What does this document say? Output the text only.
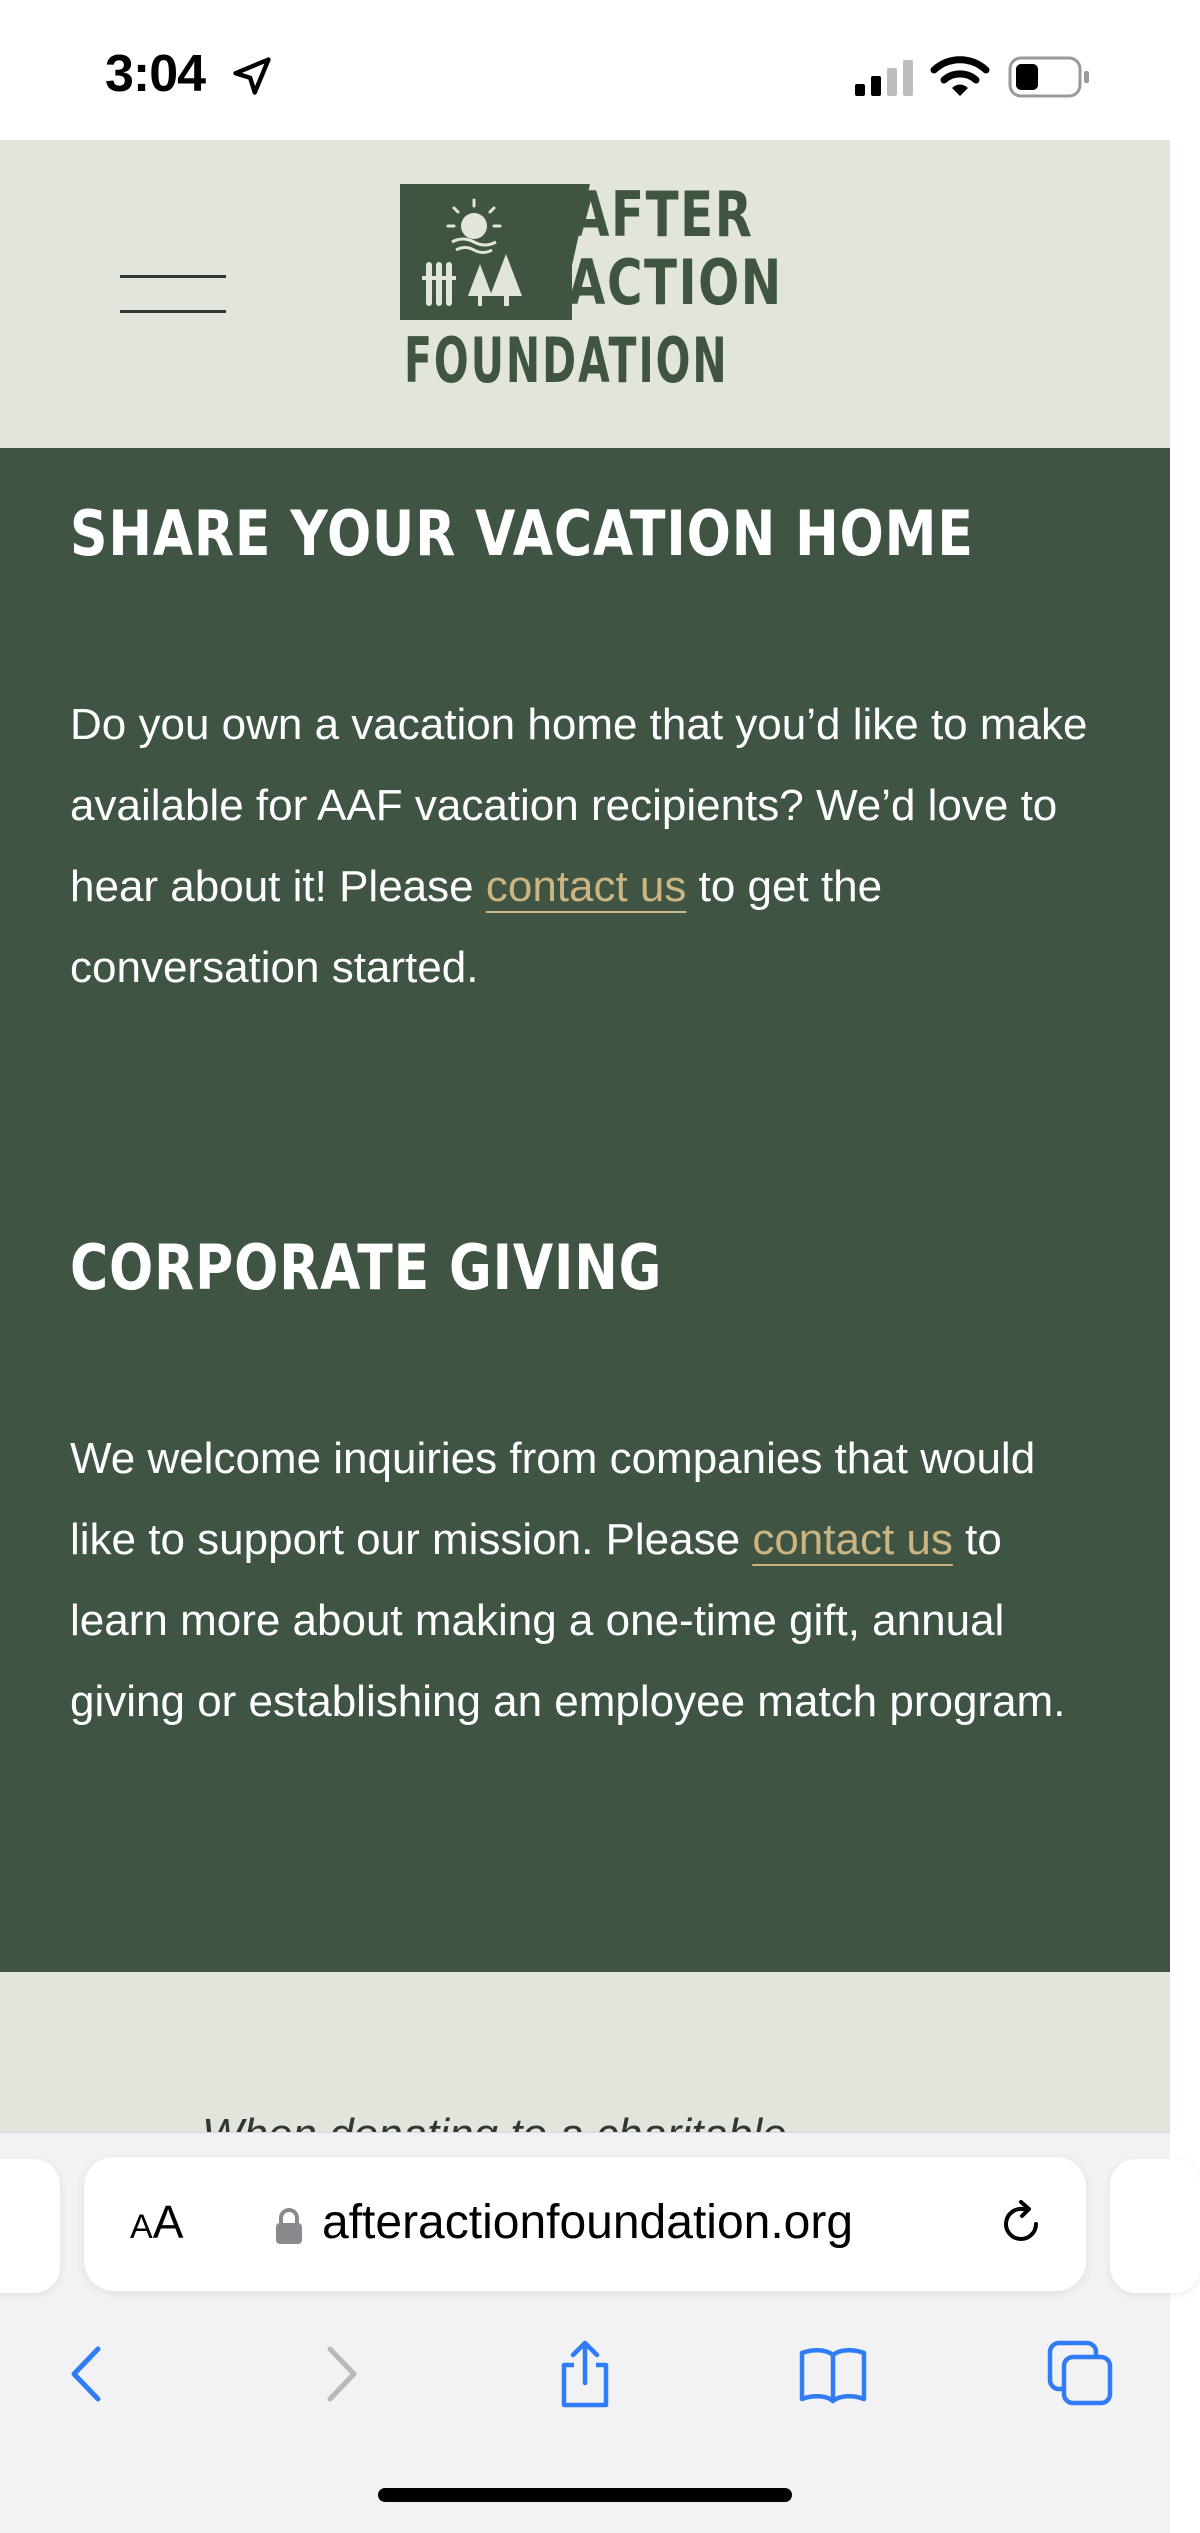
3:04
AFTER
ACTION
FOUNDATION
SHARE YOUR VACATION HOME

Do you own a vacation home that you’d like to make available for AAF vacation recipients? We’d love to hear about it! Please contact us to get the conversation started.

CORPORATE GIVING

We welcome inquiries from companies that would like to support our mission. Please contact us to learn more about making a one-time gift, annual giving or establishing an employee match program.

AA	afteractionfoundation.org
